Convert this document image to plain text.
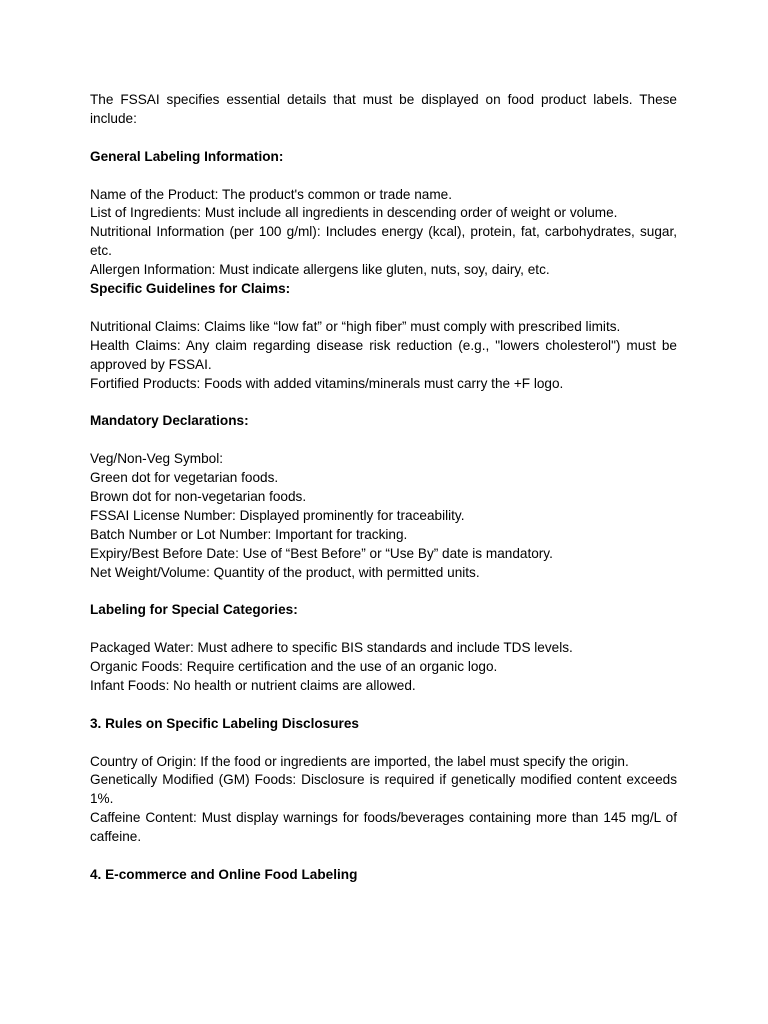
The FSSAI specifies essential details that must be displayed on food product labels. These include:

General Labeling Information:

Name of the Product: The product's common or trade name.

List of Ingredients: Must include all ingredients in descending order of weight or volume.

Nutritional Information (per 100 g/ml): Includes energy (kcal), protein, fat, carbohydrates, sugar, etc.

Allergen Information: Must indicate allergens like gluten, nuts, soy, dairy, etc.

Specific Guidelines for Claims:

Nutritional Claims: Claims like “low fat” or “high fiber” must comply with prescribed limits.

Health Claims: Any claim regarding disease risk reduction (e.g., "lowers cholesterol") must be approved by FSSAI.

Fortified Products: Foods with added vitamins/minerals must carry the +F logo.

Mandatory Declarations:

Veg/Non-Veg Symbol:

Green dot for vegetarian foods.

Brown dot for non-vegetarian foods.

FSSAI License Number: Displayed prominently for traceability.

Batch Number or Lot Number: Important for tracking.

Expiry/Best Before Date: Use of “Best Before” or “Use By” date is mandatory.

Net Weight/Volume: Quantity of the product, with permitted units.

Labeling for Special Categories:

Packaged Water: Must adhere to specific BIS standards and include TDS levels.

Organic Foods: Require certification and the use of an organic logo.

Infant Foods: No health or nutrient claims are allowed.

3. Rules on Specific Labeling Disclosures

Country of Origin: If the food or ingredients are imported, the label must specify the origin.

Genetically Modified (GM) Foods: Disclosure is required if genetically modified content exceeds 1%.

Caffeine Content: Must display warnings for foods/beverages containing more than 145 mg/L of caffeine.

4. E-commerce and Online Food Labeling
